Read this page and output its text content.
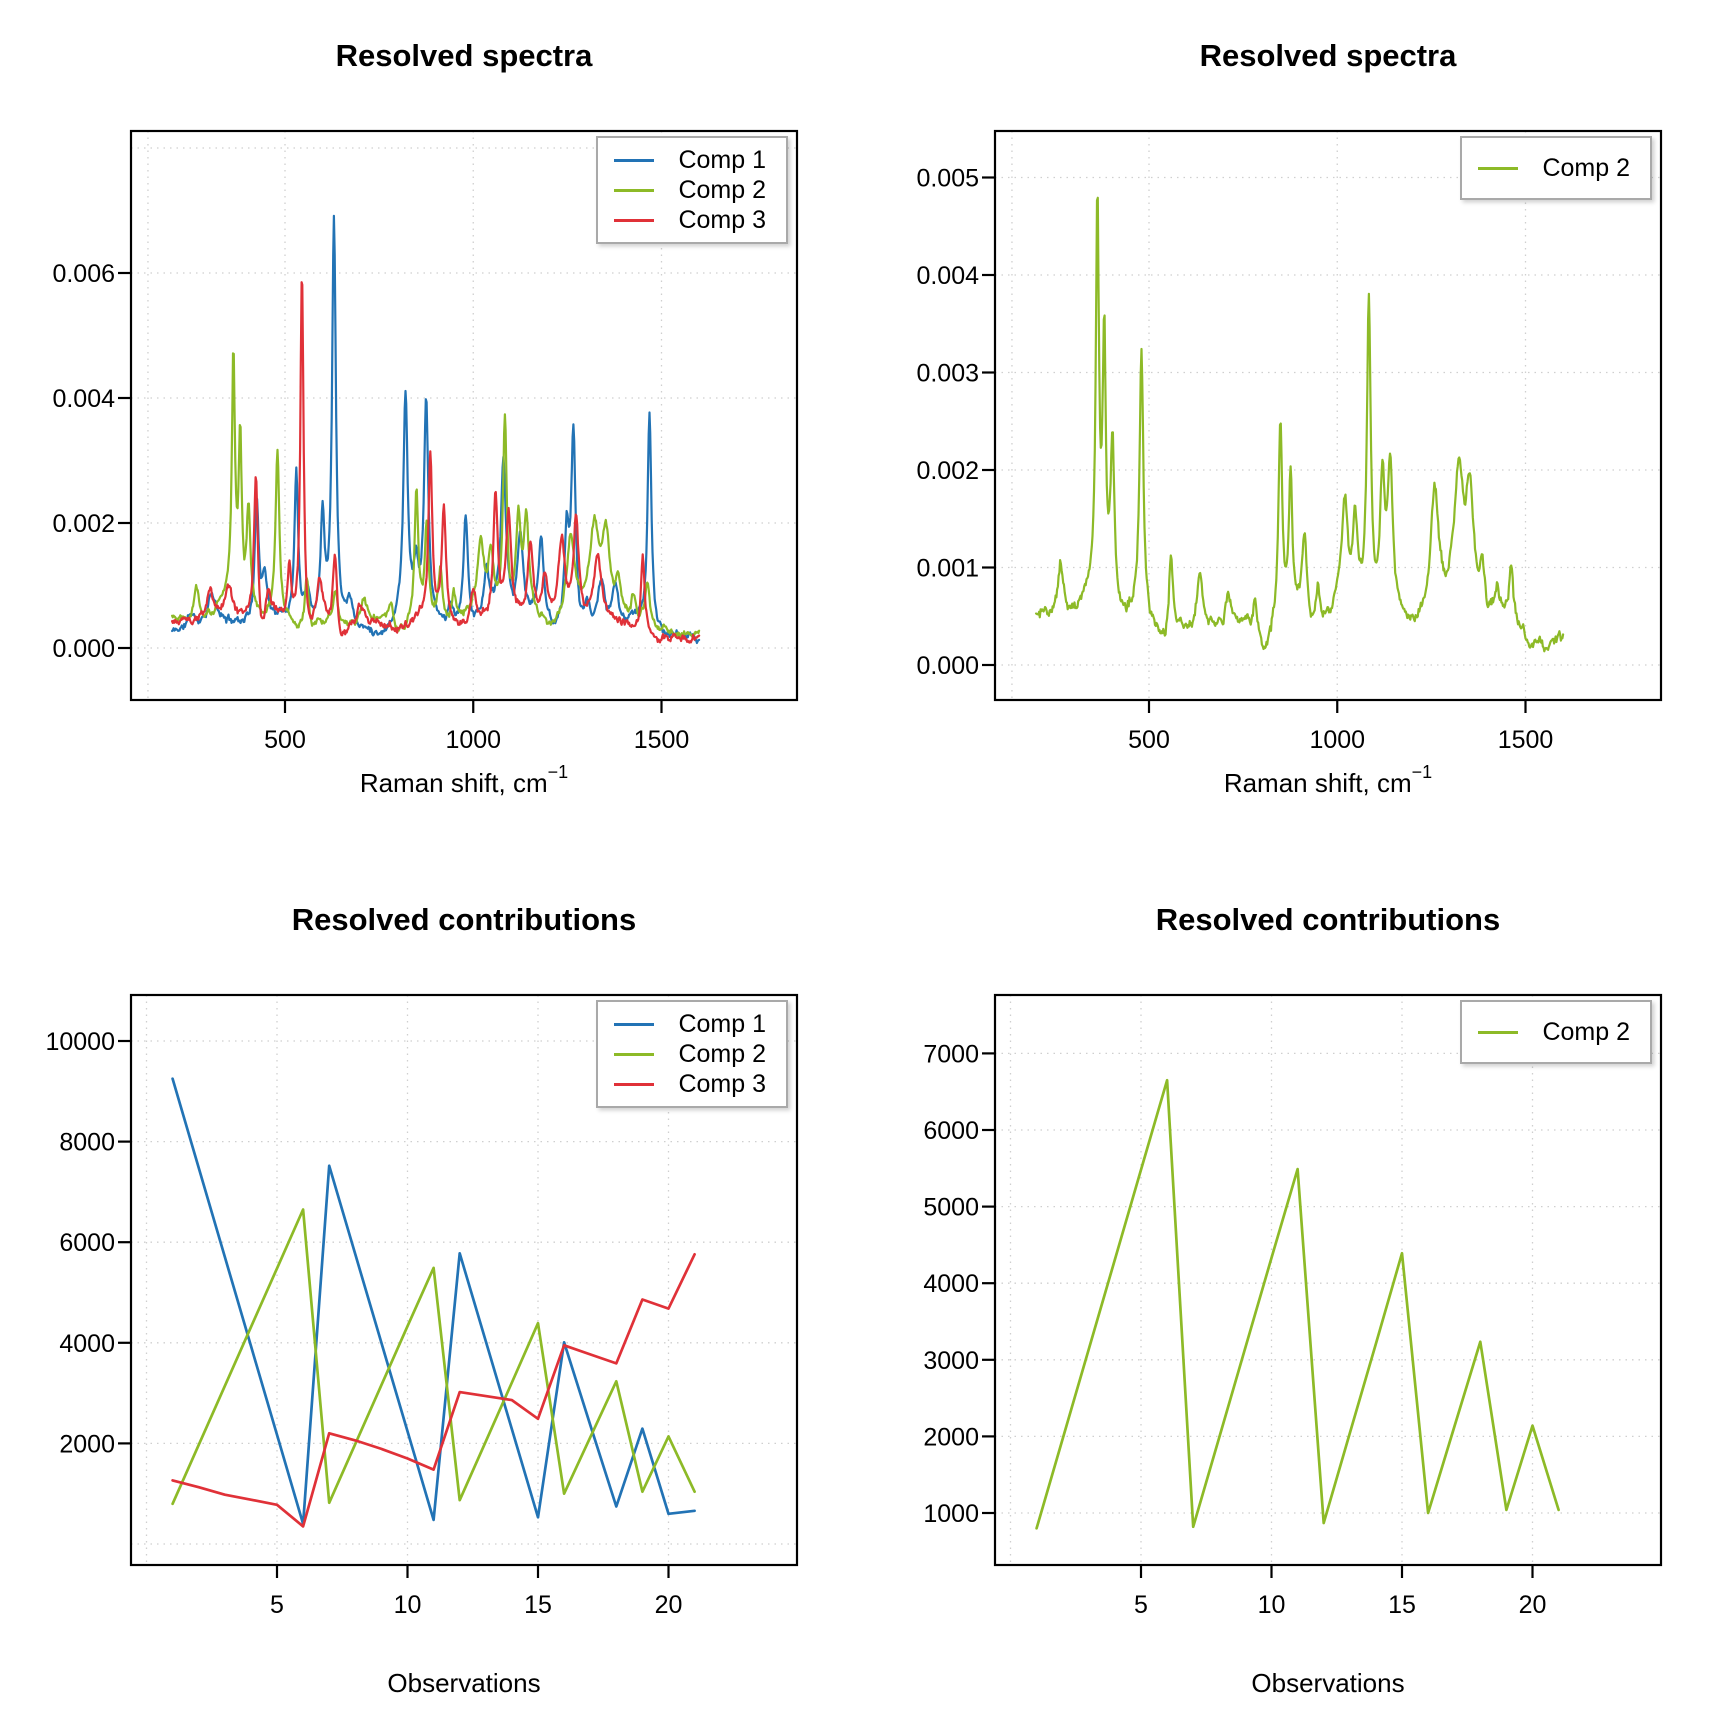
Resolved spectra
500	1000	1500
0.000
0.002
0.004
0.006
Raman shift, $cm^{-1}$
Comp 1
Comp 2
Comp 3
Resolved spectra
500	1000	1500
0.000
0.001
0.002
0.003
0.004
0.005
Raman shift, $cm^{-1}$
Comp 2
Resolved contributions
5	10	15	20
2000
4000
6000
8000
10000
Observations
Comp 1
Comp 2
Comp 3
Resolved contributions
5	10	15	20
1000
2000
3000
4000
5000
6000
7000
Observations
Comp 2
